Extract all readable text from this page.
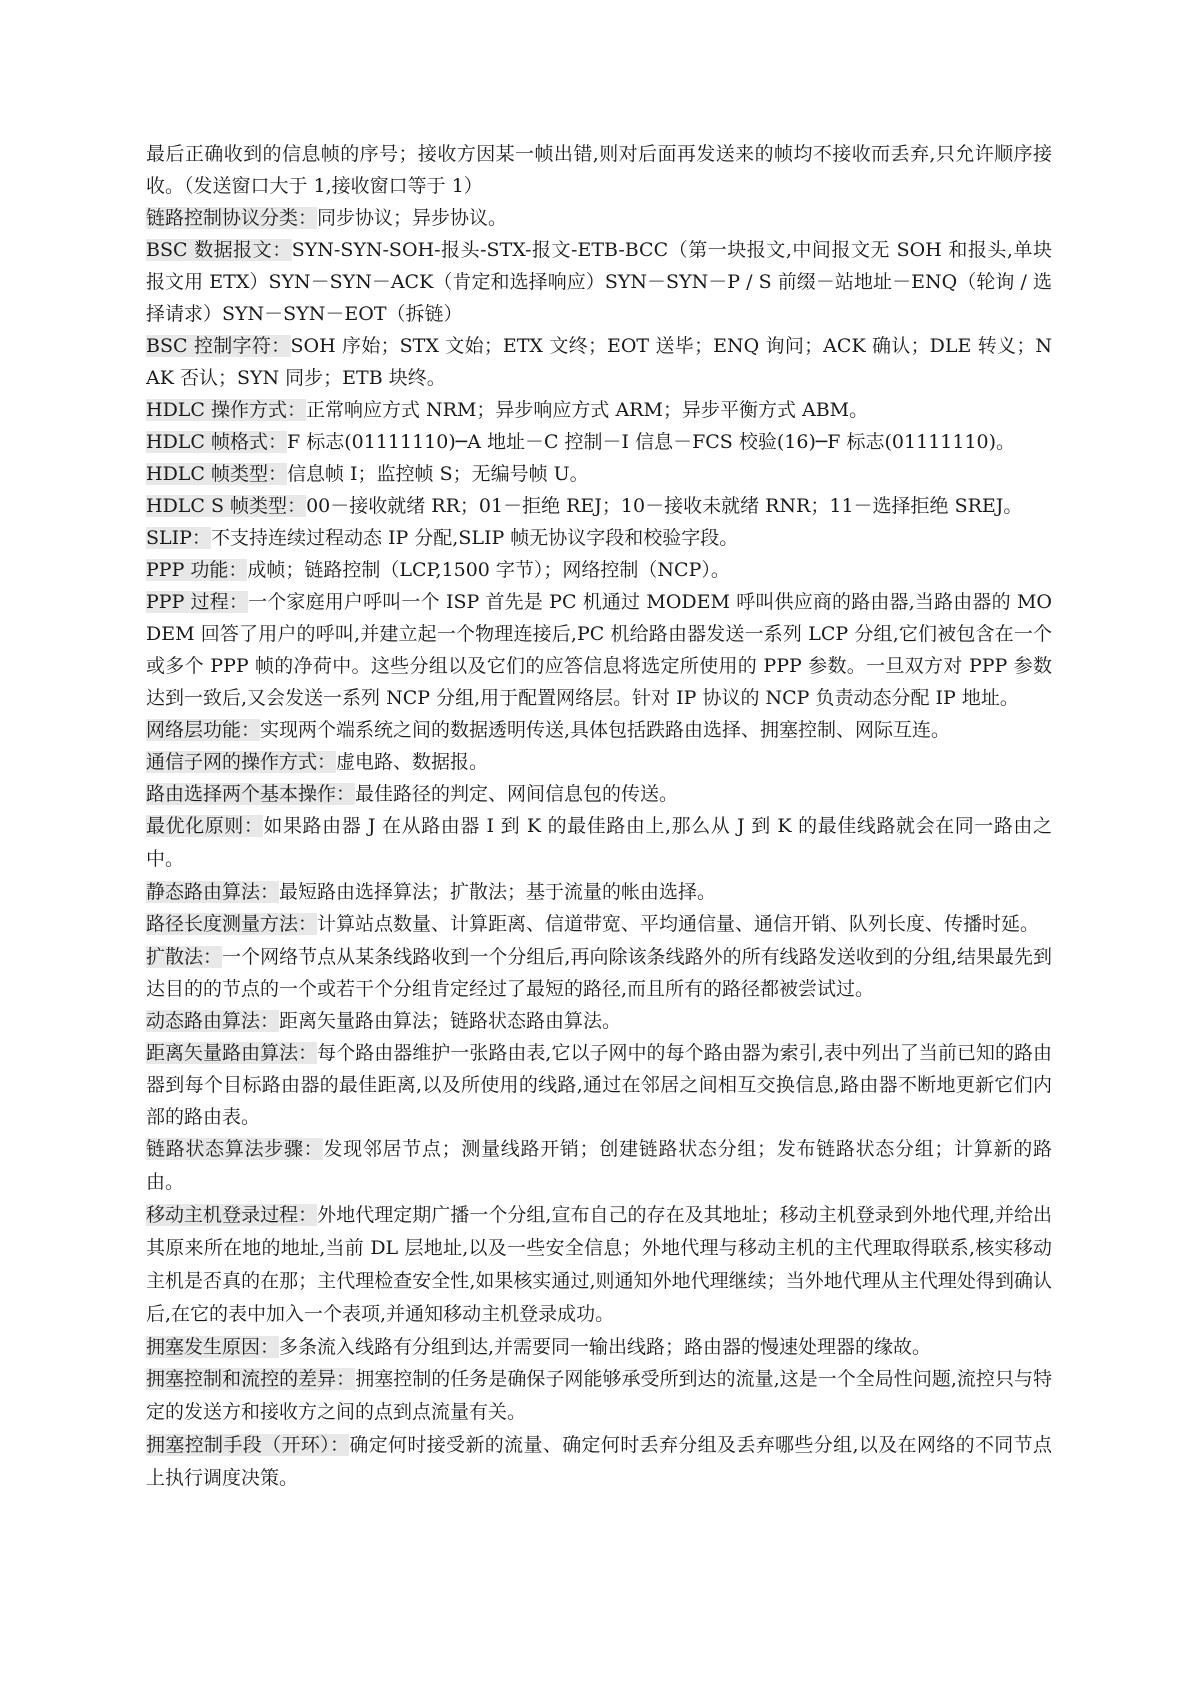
最后正确收到的信息帧的序号；接收方因某一帧出错,则对后面再发送来的帧均不接收而丢弃,只允许顺序接收。（发送窗口大于 1,接收窗口等于 1）

链路控制协议分类：同步协议；异步协议。

BSC 数据报文：SYN-SYN-SOH-报头-STX-报文-ETB-BCC（第一块报文,中间报文无 SOH 和报头,单块报文用 ETX）SYN－SYN－ACK（肯定和选择响应）SYN－SYN－P / S 前缀－站地址－ENQ（轮询 / 选择请求）SYN－SYN－EOT（拆链）

BSC 控制字符：SOH 序始；STX 文始；ETX 文终；EOT 送毕；ENQ 询问；ACK 确认；DLE 转义；NAK 否认；SYN 同步；ETB 块终。

HDLC 操作方式：正常响应方式 NRM；异步响应方式 ARM；异步平衡方式 ABM。

HDLC 帧格式：F 标志(01111110)─A 地址－C 控制－I 信息－FCS 校验(16)─F 标志(01111110)。

HDLC 帧类型：信息帧 I；监控帧 S；无编号帧 U。

HDLC S 帧类型：00－接收就绪 RR；01－拒绝 REJ；10－接收未就绪 RNR；11－选择拒绝 SREJ。

SLIP：不支持连续过程动态 IP 分配,SLIP 帧无协议字段和校验字段。

PPP 功能：成帧；链路控制（LCP,1500 字节）；网络控制（NCP）。

PPP 过程：一个家庭用户呼叫一个 ISP 首先是 PC 机通过 MODEM 呼叫供应商的路由器,当路由器的 MODEM 回答了用户的呼叫,并建立起一个物理连接后,PC 机给路由器发送一系列 LCP 分组,它们被包含在一个或多个 PPP 帧的净荷中。这些分组以及它们的应答信息将选定所使用的 PPP 参数。一旦双方对 PPP 参数达到一致后,又会发送一系列 NCP 分组,用于配置网络层。针对 IP 协议的 NCP 负责动态分配 IP 地址。

网络层功能：实现两个端系统之间的数据透明传送,具体包括跌路由选择、拥塞控制、网际互连。

通信子网的操作方式：虚电路、数据报。

路由选择两个基本操作：最佳路径的判定、网间信息包的传送。

最优化原则：如果路由器 J 在从路由器 I 到 K 的最佳路由上,那么从 J 到 K 的最佳线路就会在同一路由之中。

静态路由算法：最短路由选择算法；扩散法；基于流量的帐由选择。

路径长度测量方法：计算站点数量、计算距离、信道带宽、平均通信量、通信开销、队列长度、传播时延。

扩散法：一个网络节点从某条线路收到一个分组后,再向除该条线路外的所有线路发送收到的分组,结果最先到达目的的节点的一个或若干个分组肯定经过了最短的路径,而且所有的路径都被尝试过。

动态路由算法：距离矢量路由算法；链路状态路由算法。

距离矢量路由算法：每个路由器维护一张路由表,它以子网中的每个路由器为索引,表中列出了当前已知的路由器到每个目标路由器的最佳距离,以及所使用的线路,通过在邻居之间相互交换信息,路由器不断地更新它们内部的路由表。

链路状态算法步骤：发现邻居节点；测量线路开销；创建链路状态分组；发布链路状态分组；计算新的路由。

移动主机登录过程：外地代理定期广播一个分组,宣布自己的存在及其地址；移动主机登录到外地代理,并给出其原来所在地的地址,当前 DL 层地址,以及一些安全信息；外地代理与移动主机的主代理取得联系,核实移动主机是否真的在那；主代理检查安全性,如果核实通过,则通知外地代理继续；当外地代理从主代理处得到确认后,在它的表中加入一个表项,并通知移动主机登录成功。

拥塞发生原因：多条流入线路有分组到达,并需要同一输出线路；路由器的慢速处理器的缘故。

拥塞控制和流控的差异：拥塞控制的任务是确保子网能够承受所到达的流量,这是一个全局性问题,流控只与特定的发送方和接收方之间的点到点流量有关。

拥塞控制手段（开环）：确定何时接受新的流量、确定何时丢弃分组及丢弃哪些分组,以及在网络的不同节点上执行调度决策。
